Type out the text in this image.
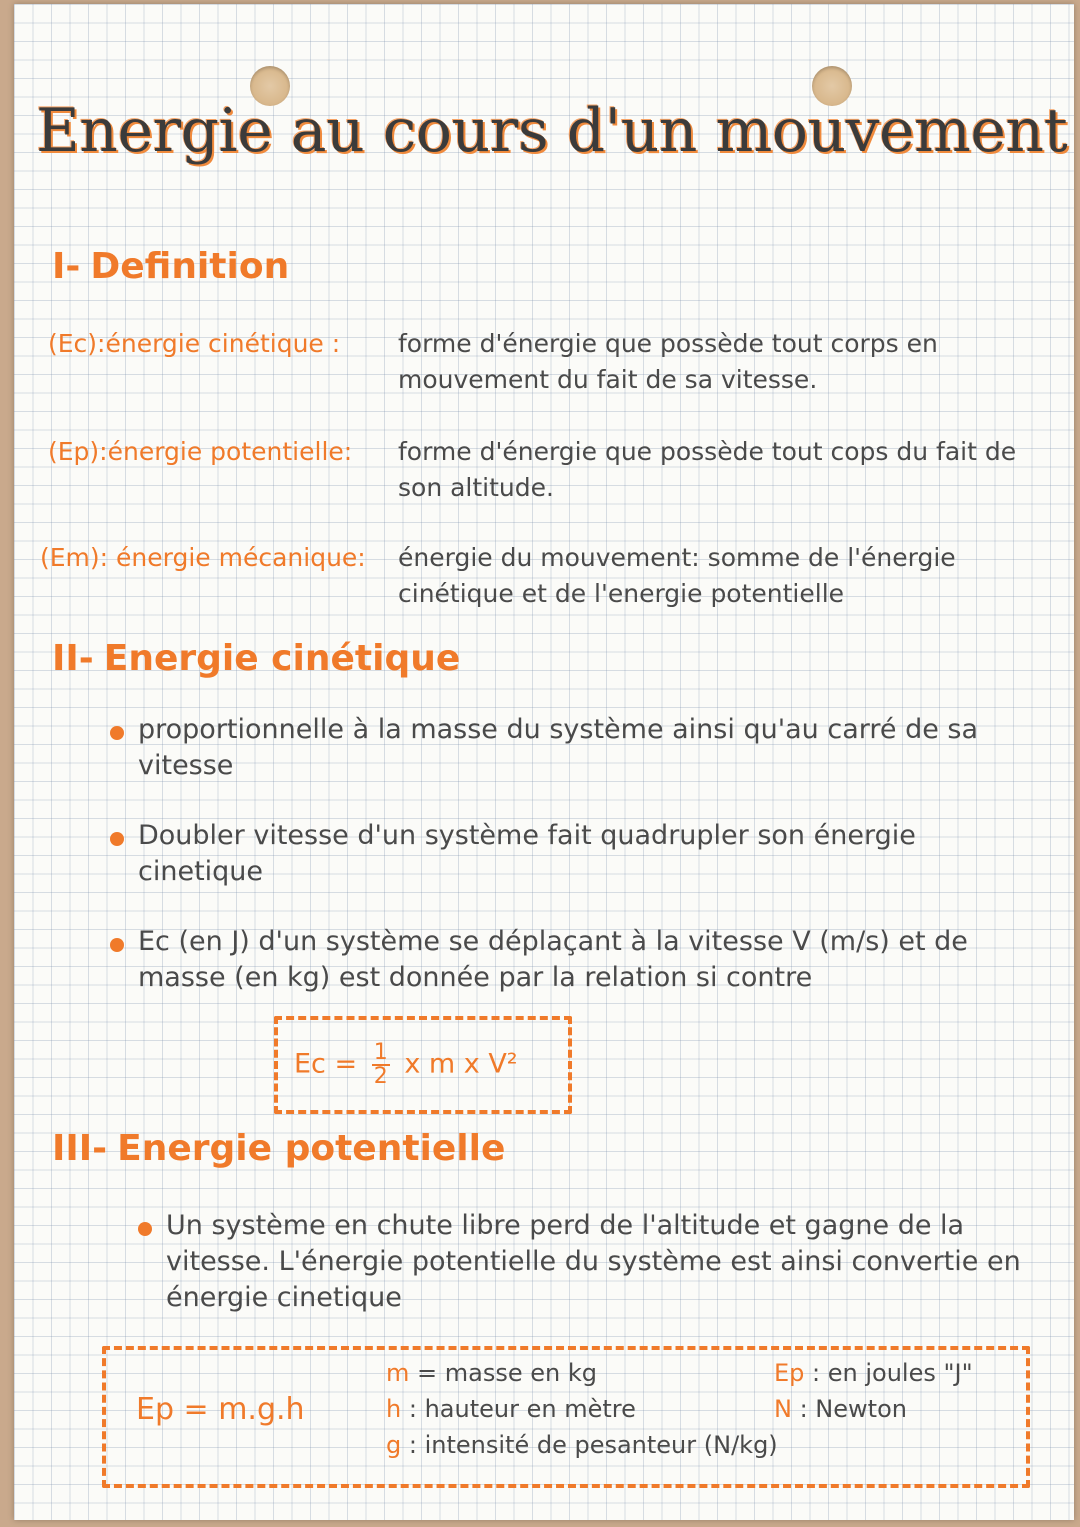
Energie au cours d'un mouvement
I- Definition
(Ec):énergie cinétique : forme d'énergie que possède tout corps en mouvement du fait de sa vitesse.
(Ep):énergie potentielle: forme d'énergie que possède tout cops du fait de son altitude.
(Em): énergie mécanique: énergie du mouvement: somme de l'énergie cinétique et de l'energie potentielle
II- Energie cinétique
proportionnelle à la masse du système ainsi qu'au carré de sa vitesse
Doubler vitesse d'un système fait quadrupler son énergie cinetique
Ec (en J) d'un système se déplaçant à la vitesse V (m/s) et de masse (en kg) est donnée par la relation si contre
$Ec = \frac{1}{2}$ x m x V²
III- Energie potentielle
Un système en chute libre perd de l'altitude et gagne de la vitesse. L'énergie potentielle du système est ainsi convertie en énergie cinetique
Ep = m.g.h
m = masse en kg
h : hauteur en mètre
g : intensité de pesanteur (N/kg)
Ep : en joules "J"
N : Newton
